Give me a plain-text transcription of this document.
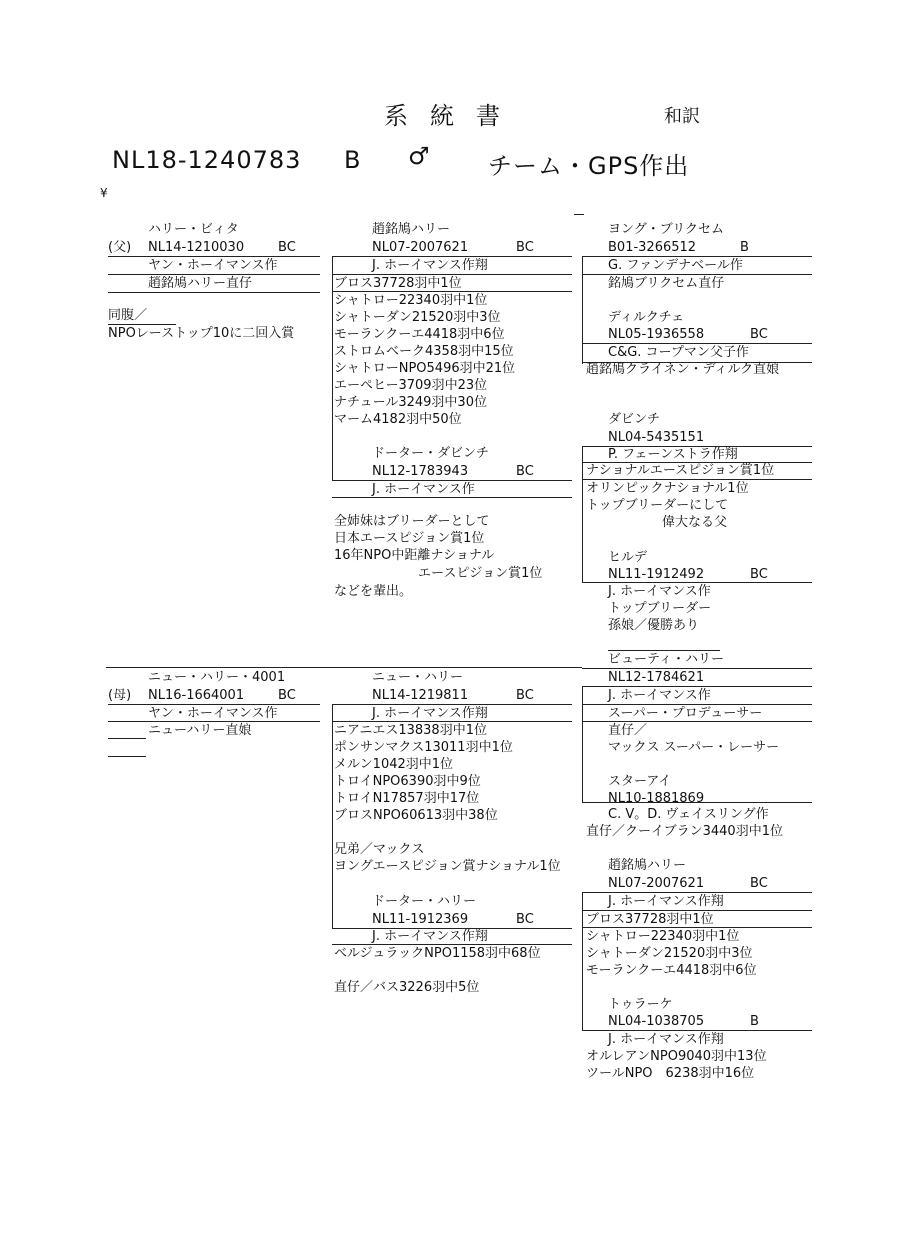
系統書	和訳
NL18-1240783 B ♂ チーム・GPS作出
¥
ハリー・ビィタ
(父) NL14-1210030	BC
ヤン・ホーイマンス作
趙銘鳩ハリー直仔
同腹／
NPOレーストップ10に二回入賞
趙銘鳩ハリー
NL07-2007621	BC
J. ホーイマンス作翔
ブロス37728羽中1位
シャトロー22340羽中1位
シャトーダン21520羽中3位
モーランクーエ4418羽中6位
ストロムベーク4358羽中15位
シャトローNPO5496羽中21位
エーペヒー3709羽中23位
ナチュール3249羽中30位
マーム4182羽中50位
ドーター・ダビンチ
NL12-1783943	BC
J. ホーイマンス作
全姉妹はブリーダーとして
日本エースピジョン賞1位
16年NPO中距離ナショナル
エースピジョン賞1位
などを輩出。
ヨング・ブリクセム
B01-3266512	B
G. ファンデナベール作
銘鳩ブリクセム直仔
ディルクチェ
NL05-1936558	BC
C&G. コープマン父子作
趙銘鳩クライネン・ディルク直娘
ダビンチ
NL04-5435151
P. フェーンストラ作翔
ナショナルエースピジョン賞1位
オリンピックナショナル1位
トップブリーダーにして
偉大なる父
ヒルデ
NL11-1912492	BC
J. ホーイマンス作
トップブリーダー
孫娘／優勝あり
ニュー・ハリー・4001
(母) NL16-1664001	BC
ヤン・ホーイマンス作
ニューハリー直娘
ニュー・ハリー
NL14-1219811	BC
J. ホーイマンス作翔
ニアニエス13838羽中1位
ポンサンマクス13011羽中1位
メルン1042羽中1位
トロイNPO6390羽中9位
トロイN17857羽中17位
ブロスNPO60613羽中38位
兄弟／マックス
ヨングエースピジョン賞ナショナル1位
ドーター・ハリー
NL11-1912369	BC
J. ホーイマンス作翔
ベルジュラックNPO1158羽中68位
直仔／バス3226羽中5位
ビューティ・ハリー
NL12-1784621
J. ホーイマンス作
スーパー・プロデューサー
直仔／
マックス スーパー・レーサー
スターアイ
NL10-1881869
C. V。D. ヴェイスリング作
直仔／クーイブラン3440羽中1位
趙銘鳩ハリー
NL07-2007621	BC
J. ホーイマンス作翔
ブロス37728羽中1位
シャトロー22340羽中1位
シャトーダン21520羽中3位
モーランクーエ4418羽中6位
トゥラーケ
NL04-1038705	B
J. ホーイマンス作翔
オルレアンNPO9040羽中13位
ツールNPO　6238羽中16位
